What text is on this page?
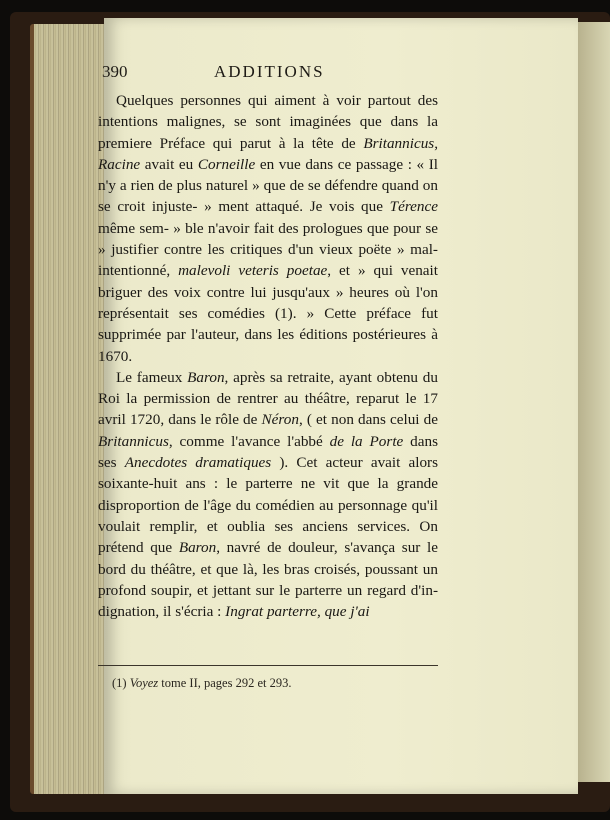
390	ADDITIONS

Quelques personnes qui aiment à voir partout des intentions malignes, se sont imaginées que dans la premiere Préface qui parut à la tête de Britannicus, Racine avait eu Corneille en vue dans ce passage : « Il n'y a rien de plus naturel » que de se défendre quand on se croit injuste- » ment attaqué. Je vois que Térence même sem- » ble n'avoir fait des prologues que pour se » justifier contre les critiques d'un vieux poëte » mal-intentionné, malevoli veteris poetae, et » qui venait briguer des voix contre lui jusqu'aux » heures où l'on représentait ses comédies (1). » Cette préface fut supprimée par l'auteur, dans les éditions postérieures à 1670.

Le fameux Baron, après sa retraite, ayant obtenu du Roi la permission de rentrer au théâtre, reparut le 17 avril 1720, dans le rôle de Néron, ( et non dans celui de Britannicus, comme l'avance l'abbé de la Porte dans ses Anecdotes dramatiques ). Cet acteur avait alors soixante-huit ans : le parterre ne vit que la grande disproportion de l'âge du comédien au personnage qu'il voulait remplir, et oublia ses anciens services. On prétend que Baron, navré de douleur, s'avança sur le bord du théâtre, et que là, les bras croisés, poussant un profond soupir, et jettant sur le parterre un regard d'in- dignation, il s'écria : Ingrat parterre, que j'ai

(1) Voyez tome II, pages 292 et 293.
